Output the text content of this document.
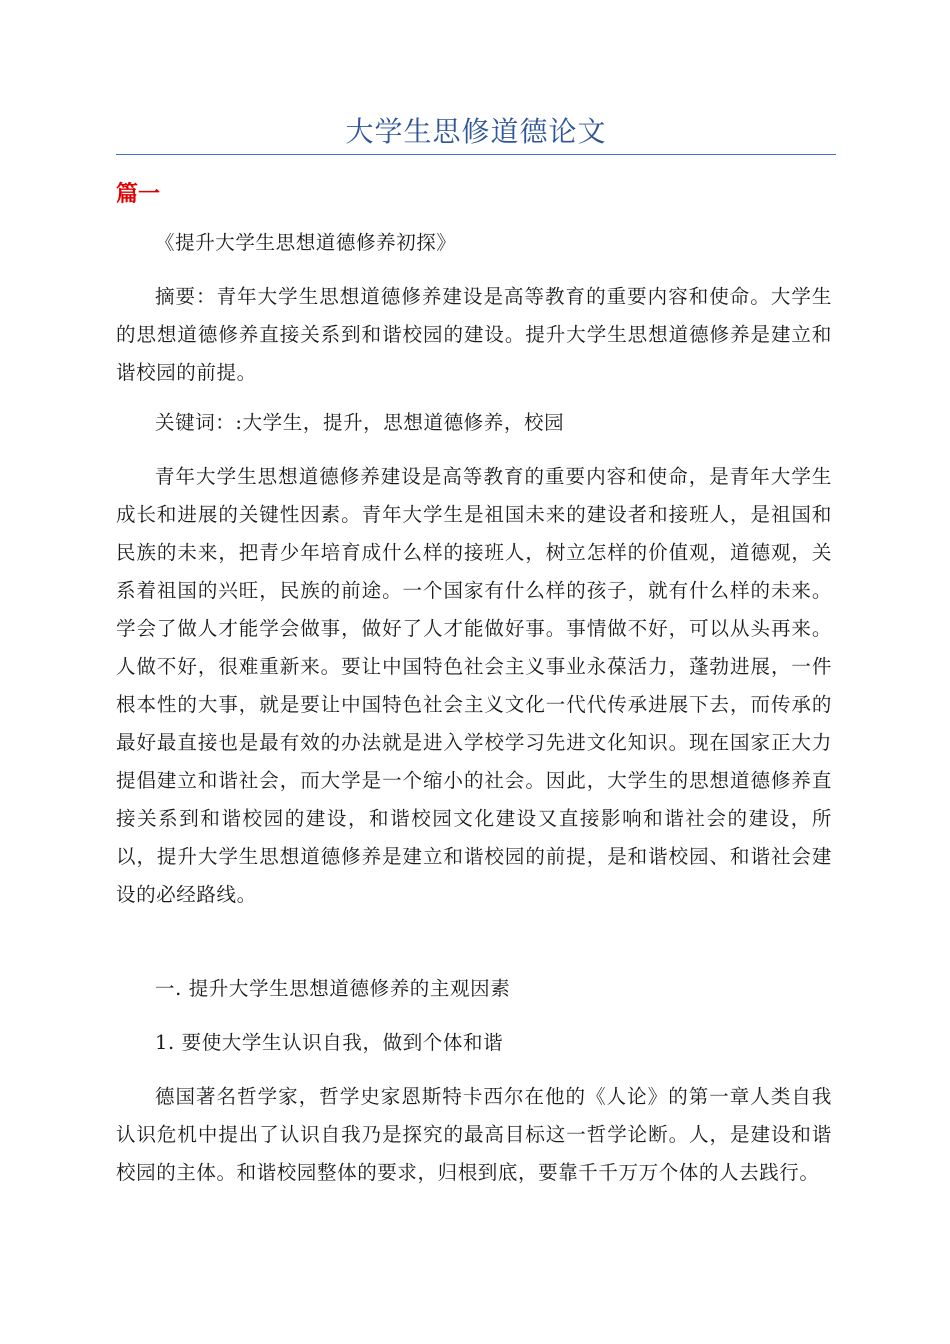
大学生思修道德论文
篇一

《提升大学生思想道德修养初探》

摘要：青年大学生思想道德修养建设是高等教育的重要内容和使命。大学生的思想道德修养直接关系到和谐校园的建设。提升大学生思想道德修养是建立和谐校园的前提。

关键词：:大学生，提升，思想道德修养，校园

青年大学生思想道德修养建设是高等教育的重要内容和使命，是青年大学生成长和进展的关键性因素。青年大学生是祖国未来的建设者和接班人，是祖国和民族的未来，把青少年培育成什么样的接班人，树立怎样的价值观，道德观，关系着祖国的兴旺，民族的前途。一个国家有什么样的孩子，就有什么样的未来。学会了做人才能学会做事，做好了人才能做好事。事情做不好，可以从头再来。人做不好，很难重新来。要让中国特色社会主义事业永葆活力，蓬勃进展，一件根本性的大事，就是要让中国特色社会主义文化一代代传承进展下去，而传承的最好最直接也是最有效的办法就是进入学校学习先进文化知识。现在国家正大力提倡建立和谐社会，而大学是一个缩小的社会。因此，大学生的思想道德修养直接关系到和谐校园的建设，和谐校园文化建设又直接影响和谐社会的建设，所以，提升大学生思想道德修养是建立和谐校园的前提，是和谐校园、和谐社会建设的必经路线。

一. 提升大学生思想道德修养的主观因素

1. 要使大学生认识自我，做到个体和谐

德国著名哲学家，哲学史家恩斯特卡西尔在他的《人论》的第一章人类自我认识危机中提出了认识自我乃是探究的最高目标这一哲学论断。人，是建设和谐校园的主体。和谐校园整体的要求，归根到底，要靠千千万万个体的人去践行。
